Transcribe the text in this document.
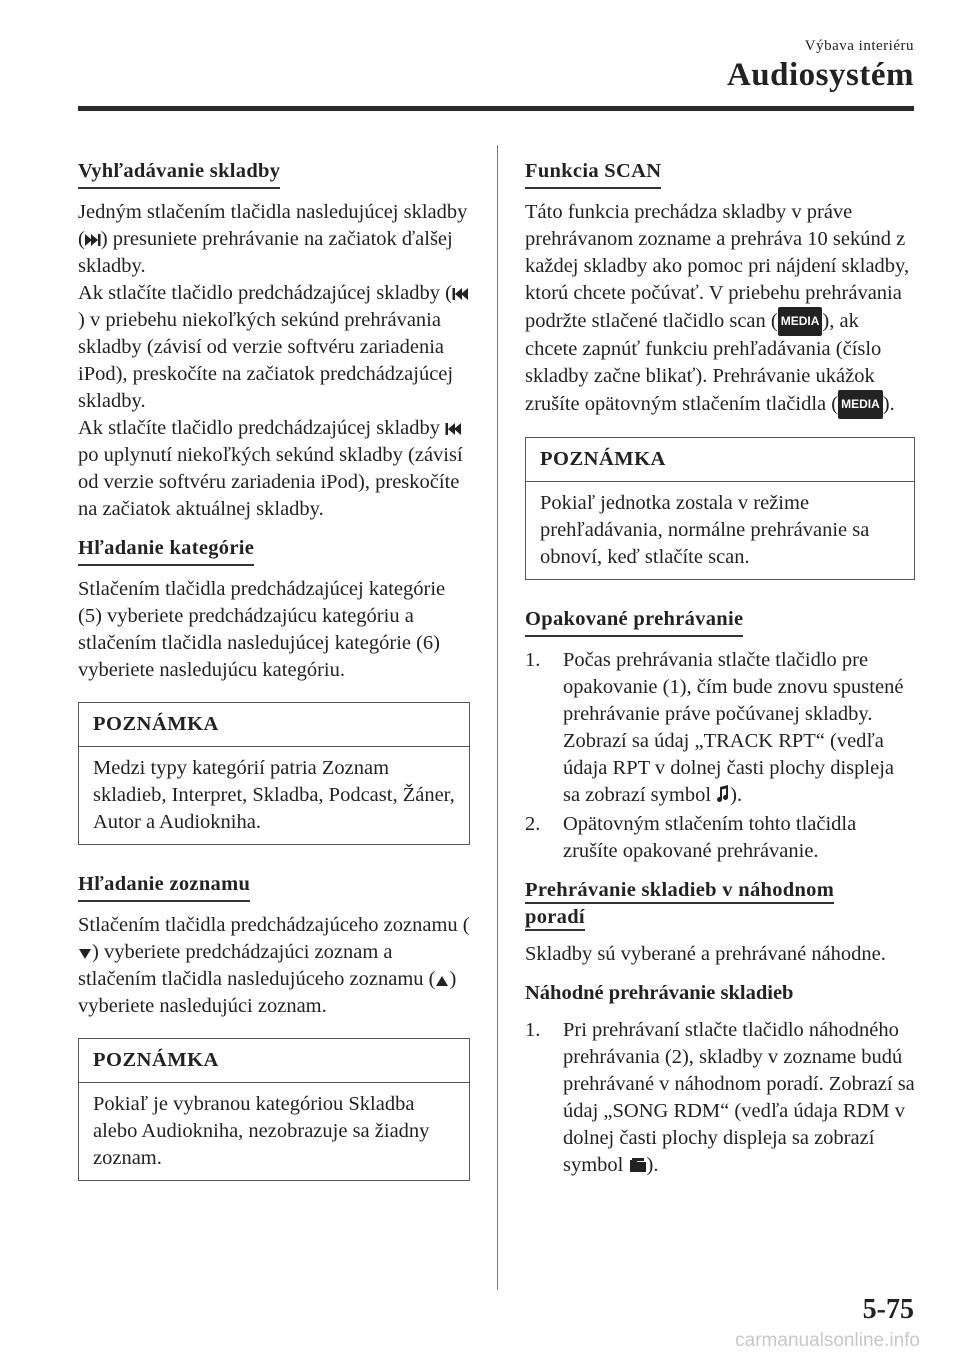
Výbava interiéru
Audiosystém
Vyhľadávanie skladby

Jedným stlačením tlačidla nasledujúcej skladby ( ) presuniete prehrávanie na začiatok ďalšej skladby.

Ak stlačíte tlačidlo predchádzajúcej skladby () v priebehu niekoľkých sekúnd prehrávania skladby (závisí od verzie softvéru zariadenia iPod), preskočíte na začiatok predchádzajúcej skladby.

Ak stlačíte tlačidlo predchádzajúcej skladby  po uplynutí niekoľkých sekúnd skladby (závisí od verzie softvéru zariadenia iPod), preskočíte na začiatok aktuálnej skladby.

Hľadanie kategórie

Stlačením tlačidla predchádzajúcej kategórie (5) vyberiete predchádzajúcu kategóriu a stlačením tlačidla nasledujúcej kategórie (6) vyberiete nasledujúcu kategóriu.

POZNÁMKA
Medzi typy kategórií patria Zoznam skladieb, Interpret, Skladba, Podcast, Žáner, Autor a Audiokniha.
Hľadanie zoznamu

Stlačením tlačidla predchádzajúceho zoznamu () vyberiete predchádzajúci zoznam a stlačením tlačidla nasledujúceho zoznamu ( ) vyberiete nasledujúci zoznam.

POZNÁMKA
Pokiaľ je vybranou kategóriou Skladba alebo Audiokniha, nezobrazuje sa žiadny zoznam.
Funkcia SCAN

Táto funkcia prechádza skladby v práve prehrávanom zozname a prehráva 10 sekúnd z každej skladby ako pomoc pri nájdení skladby, ktorú chcete počúvať. V priebehu prehrávania podržte stlačené tlačidlo scan ( MEDIA ), ak chcete zapnúť funkciu prehľadávania (číslo skladby začne blikať). Prehrávanie ukážok zrušíte opätovným stlačením tlačidla ( MEDIA ).

POZNÁMKA
Pokiaľ jednotka zostala v režime prehľadávania, normálne prehrávanie sa obnoví, keď stlačíte scan.
Opakované prehrávanie
1. Počas prehrávania stlačte tlačidlo pre opakovanie (1), čím bude znovu spustené prehrávanie práve počúvanej skladby. Zobrazí sa údaj „TRACK RPT“ (vedľa údaja RPT v dolnej časti plochy displeja sa zobrazí symbol ).
2. Opätovným stlačením tohto tlačidla zrušíte opakované prehrávanie.
Prehrávanie skladieb v náhodnom
poradí

Skladby sú vyberané a prehrávané náhodne.

Náhodné prehrávanie skladieb
1. Pri prehrávaní stlačte tlačidlo náhodného prehrávania (2), skladby v zozname budú prehrávané v náhodnom poradí. Zobrazí sa údaj „SONG RDM“ (vedľa údaja RDM v dolnej časti plochy displeja sa zobrazí symbol ).
5-75
carmanualsonline.info
